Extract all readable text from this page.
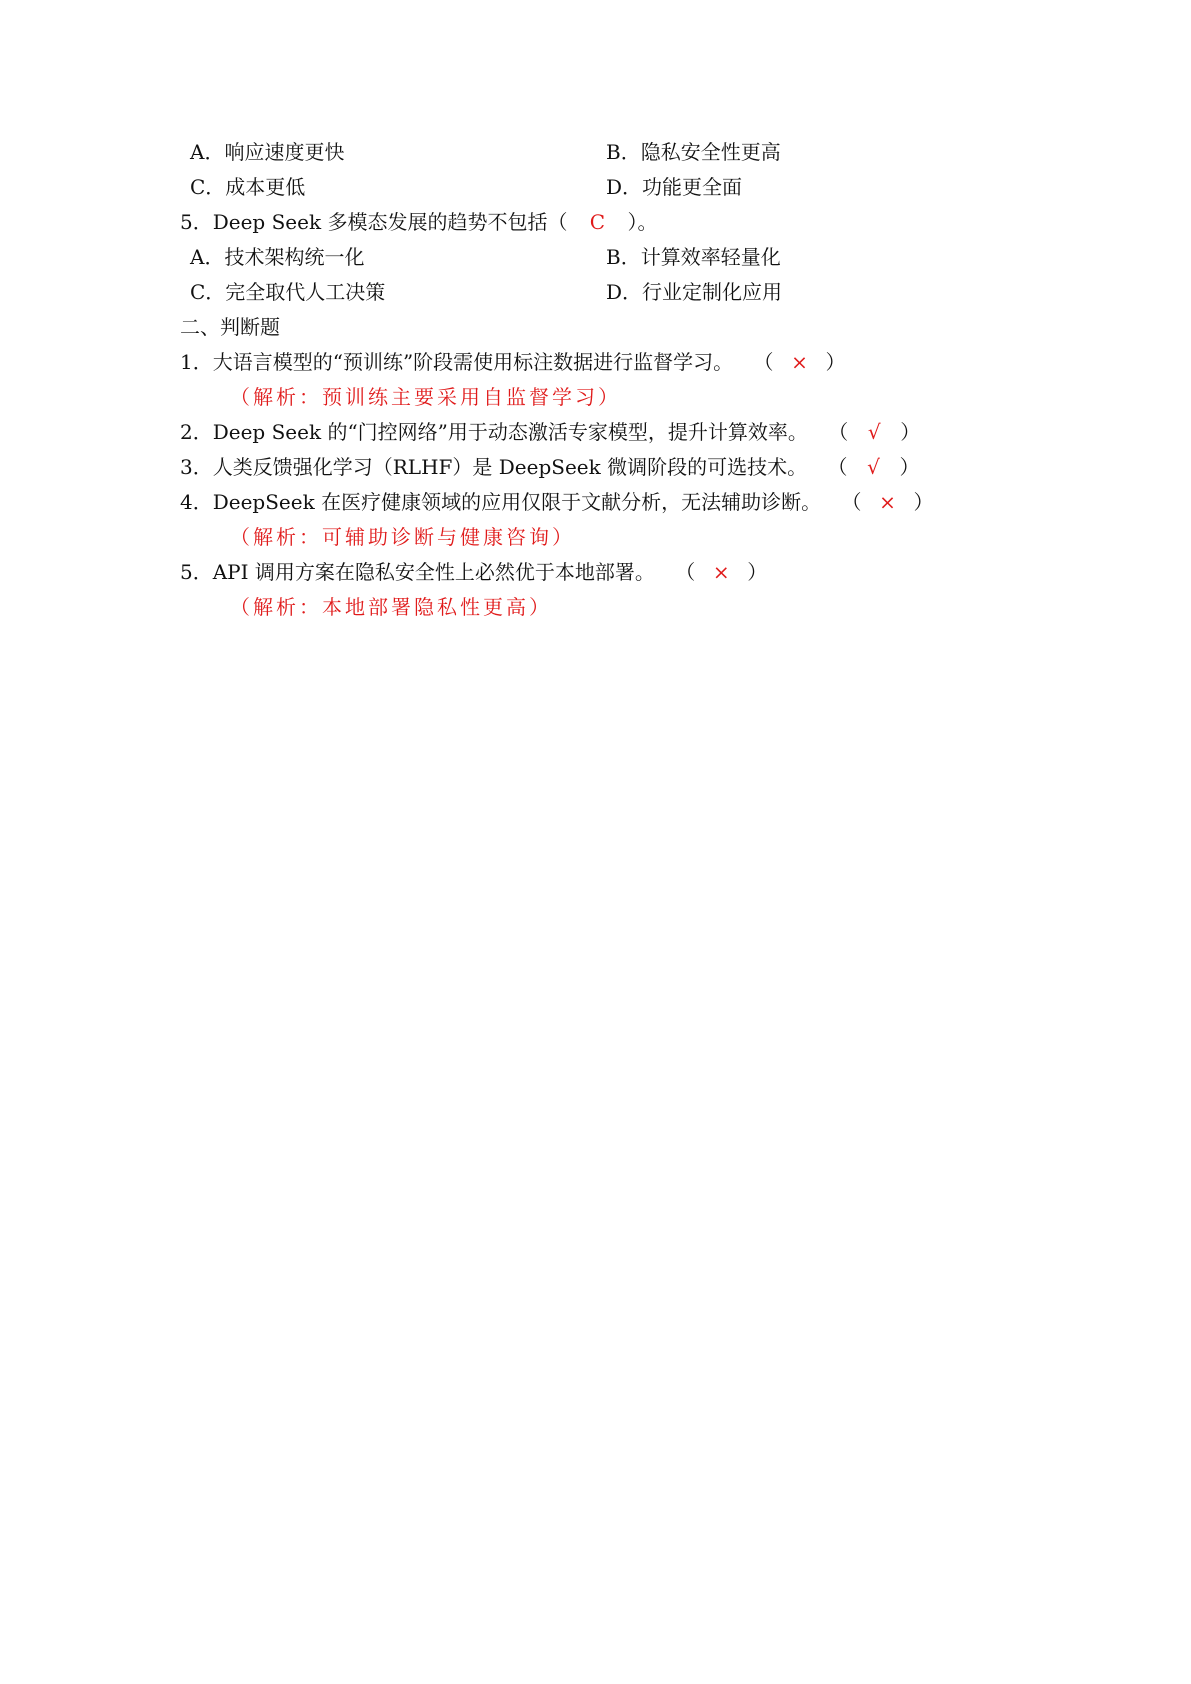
A．响应速度更快	B．隐私安全性更高
C．成本更低	D．功能更全面
5．Deep Seek 多模态发展的趋势不包括（ C ）。
A．技术架构统一化	B．计算效率轻量化
C．完全取代人工决策	D．行业定制化应用
二、判断题
1．大语言模型的“预训练”阶段需使用标注数据进行监督学习。 （ × ）
（解析：预训练主要采用自监督学习）
2．Deep Seek 的“门控网络”用于动态激活专家模型，提升计算效率。 （ √ ）
3．人类反馈强化学习（RLHF）是 DeepSeek 微调阶段的可选技术。 （ √ ）
4．DeepSeek 在医疗健康领域的应用仅限于文献分析，无法辅助诊断。 （ × ）
（解析：可辅助诊断与健康咨询）
5．API 调用方案在隐私安全性上必然优于本地部署。 （ × ）
（解析：本地部署隐私性更高）
